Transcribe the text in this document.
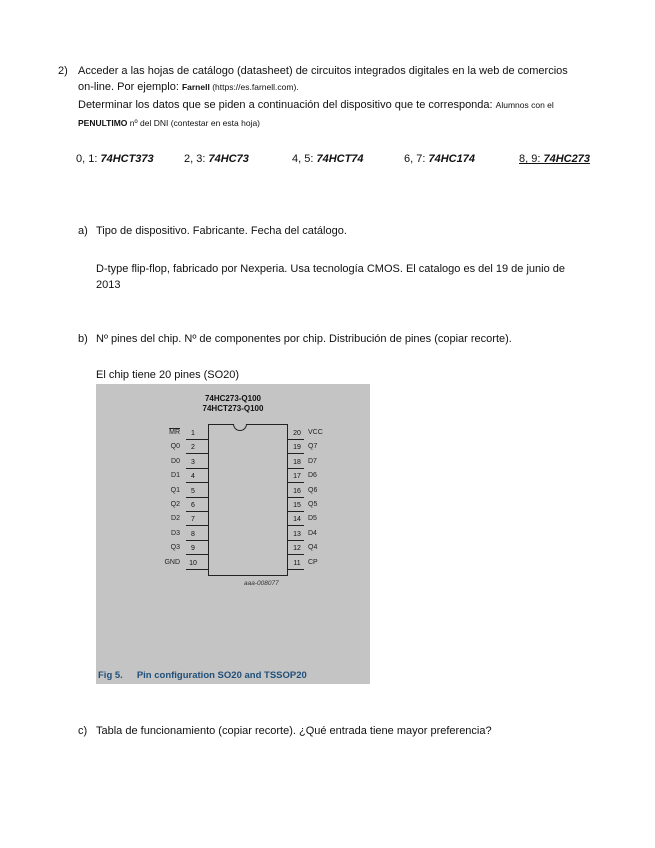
2) Acceder a las hojas de catálogo (datasheet) de circuitos integrados digitales en la web de comercios
on-line. Por ejemplo: Farnell (https://es.farnell.com).
Determinar los datos que se piden a continuación del dispositivo que te corresponda: Alumnos con el
PENULTIMO nº del DNI (contestar en esta hoja)
0, 1: 74HCT373	2, 3: 74HC73	4, 5: 74HCT74	6, 7: 74HC174	8, 9: 74HC273
a) Tipo de dispositivo. Fabricante. Fecha del catálogo.
D-type flip-flop, fabricado por Nexperia. Usa tecnología CMOS. El catalogo es del 19 de junio de
2013
b) Nº pines del chip. Nº de componentes por chip. Distribución de pines (copiar recorte).
El chip tiene 20 pines (SO20)
74HC273-Q100
74HCT273-Q100
aaa-008077
Fig 5. Pin configuration SO20 and TSSOP20
$\overline{MR}$	1
Q0	2
D0	3
D1	4
Q1	5
Q2	6
D2	7
D3	8
Q3	9
GND	10
20	VCC
19	Q7
18	D7
17	D6
16	Q6
15	Q5
14	D5
13	D4
12	Q4
11	CP
c) Tabla de funcionamiento (copiar recorte). ¿Qué entrada tiene mayor preferencia?
